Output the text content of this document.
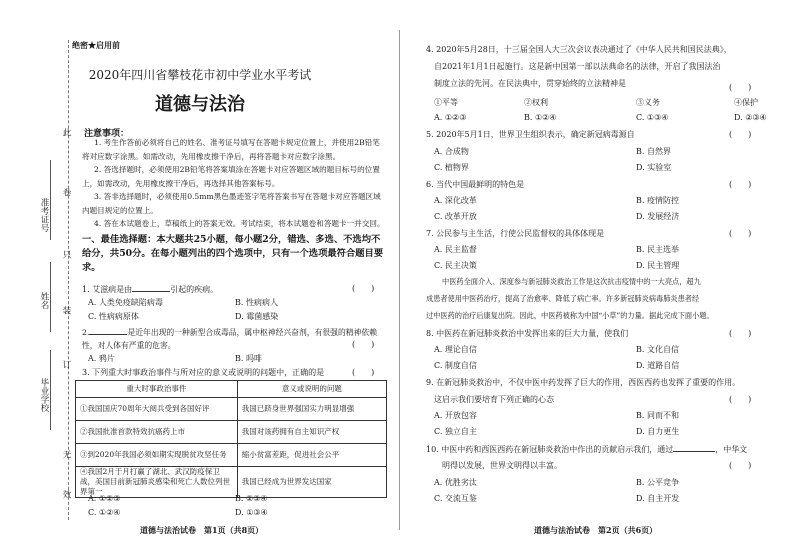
绝密★启用前
2020年四川省攀枝花市初中学业水平考试
道德与法治
此
卷
只
装
订
无
效
准考证号
姓名
毕业学校
注意事项：
1. 考生作答前必须将自己的姓名、准考证号填写在答题卡规定位置上，并使用2B铅笔将对应数字涂黑。如需改动，先用橡皮擦干净后，再将答题卡对应数字涂黑。
2. 答选择题时，必须使用2B铅笔将答案填涂在答题卡对应答题区域的题目标号的位置上，如需改动，先用橡皮擦干净后，再选择其他答案标号。
3. 答非选择题时，必须使用0.5mm黑色墨迹签字笔将答案书写在答题卡对应答题区域内题目规定的位置上。
4. 答在本试题卷上，草稿纸上的答案无效。考试结束，将本试题卷和答题卡一并交回。
一、最佳选择题：本大题共25小题，每小题2分，错选、多选、不选均不给分，共50分。在每小题列出的四个选项中，只有一个选项最符合题目要求。
1. 艾滋病是由	引起的疾病。	(　　)
A. 人类免疫缺陷病毒	B. 性病病人
C. 性病病原体	D. 霉菌感染
2.	是近年出现的一种新型合成毒品，属中枢神经兴奋剂，有很强的精神依赖性，对人体有严重的危害。	(　　)
A. 鸦片	B. 吗啡
重大时事政治事件	意义或说明的问题
①我国国庆70周年大阅兵受到各国好评	我国已跻身世界强国实力明显增强
②我国批准首款特效抗癌药上市	我国对该药拥有自主知识产权
③到2020年我国必须如期实现脱贫攻坚任务	缩小贫富差距，促进社会公平
④我国2月于月打赢了湖北、武汉防疫保卫战，美国目前新冠肺炎感染和死亡人数位列世界第一	我国已经成为世界发达国家
3. 下列重大时事政治事件与所对应的意义或说明的问题中，正确的是	(　　)
A. ①②③	B. ②③④
C. ①②④	D. ①③④
道德与法治试卷　第1页（共8页）
4. 2020年5月28日，十三届全国人大三次会议表决通过了《中华人民共和国民法典》，
自2021年1月1日起施行。这是新中国第一部以法典命名的法律，开启了我国法治
制度立法的先河。在民法典中，贯穿始终的立法精神是	(　　)
①平等	②权利	③义务	④保护
A. ①②③	B. ①②④	C. ①③④	D. ②③④
5. 2020年5月1日，世界卫生组织表示，确定新冠病毒源自	(　　)
A. 合成物	B. 自然界
C. 植物界	D. 实验室
6. 当代中国最鲜明的特色是	(　　)
A. 深化改革	B. 疫情防控
C. 改革开放	D. 发展经济
7. 公民参与主生活，行使公民监督权的具体体现是	(　　)
A. 民主监督	B. 民主选举
C. 民主决策	D. 民主管理
中医药全面介入、深度参与新冠肺炎救治工作是这次抗击疫情中的一大亮点，超九
成患者使用中医药治疗，提高了治愈率、降低了病亡率。许多新冠肺炎病毒肺炎患者经
过中医药的治疗后康复出院。因此，中医药被称为中国“小草”的力量。据此完成下面小题。
8. 中医药在新冠肺炎救治中发挥出来的巨大力量，使我们	(　　)
A. 理论自信	B. 文化自信
C. 制度自信	D. 道路自信
9. 在新冠肺炎救治中，不仅中医中药发挥了巨大的作用，西医西药也发挥了重要的作用。
这启示我们要培育下列正确的心态	(　　)
A. 开放包容	B. 同而不和
C. 独立自主	D. 自力更生
10. 中医中药和西医西药在新冠肺炎救治中作出的贡献启示我们，通过	，中华文
明得以发展，世界文明得以丰富。	(　　)
A. 优胜劣汰	B. 公平竞争
C. 交流互鉴	D. 自主开发
道德与法治试卷　第2页（共6页）
